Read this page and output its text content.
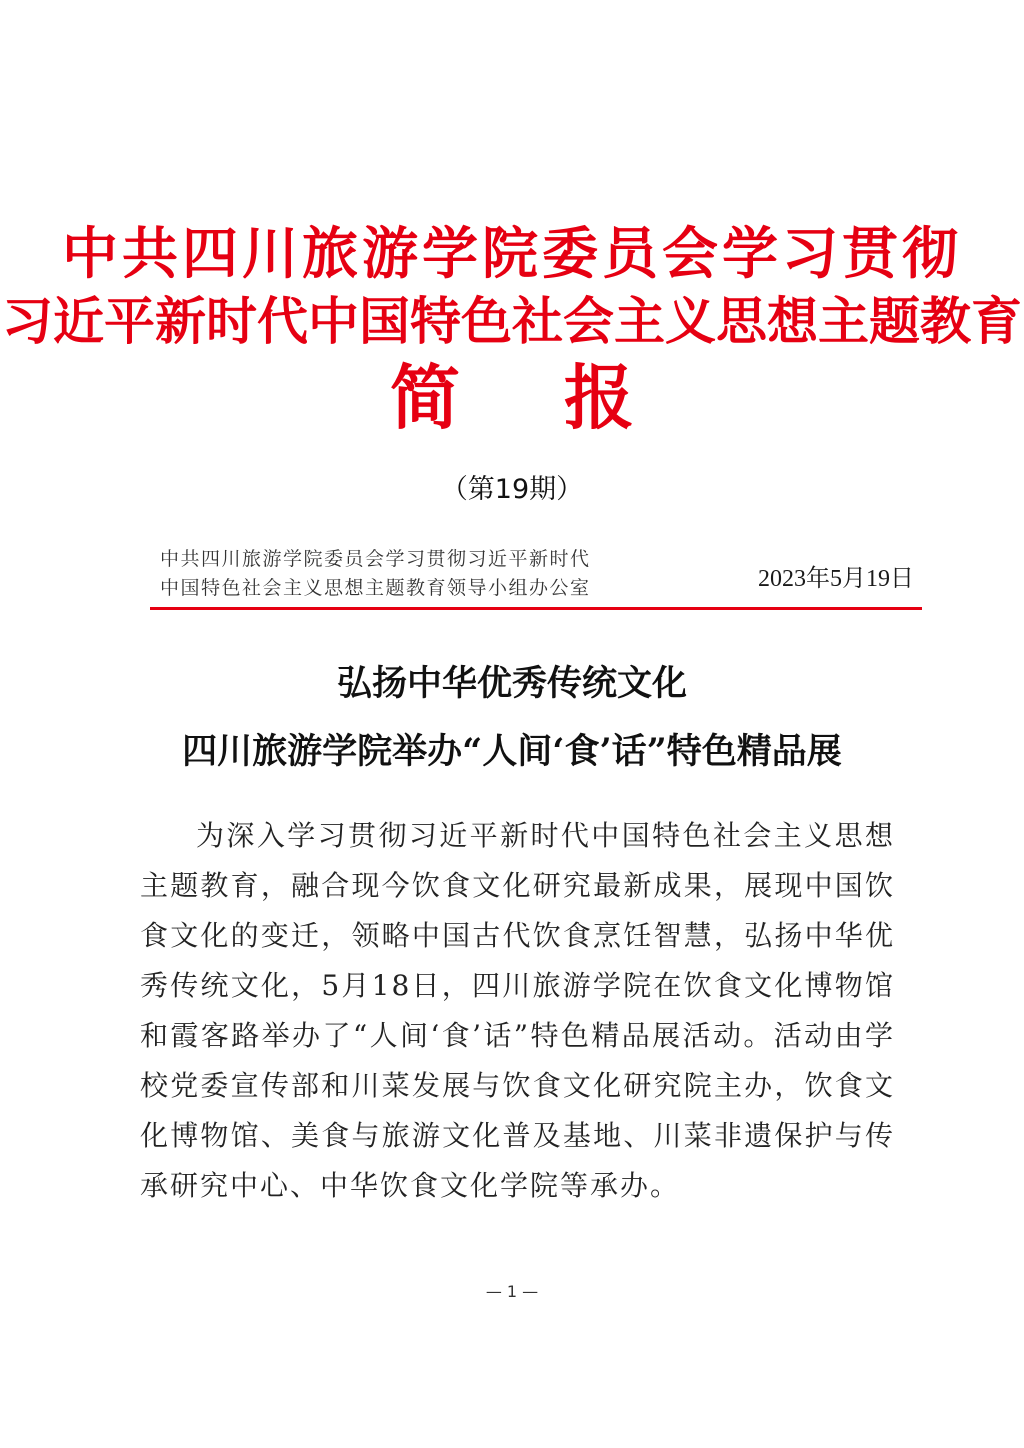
中共四川旅游学院委员会学习贯彻
习近平新时代中国特色社会主义思想主题教育
简报
（第19期）
中共四川旅游学院委员会学习贯彻习近平新时代
中国特色社会主义思想主题教育领导小组办公室	2023年5月19日
弘扬中华优秀传统文化
四川旅游学院举办“人间‘食’话”特色精品展

为深入学习贯彻习近平新时代中国特色社会主义思想主题教育，融合现今饮食文化研究最新成果，展现中国饮食文化的变迁，领略中国古代饮食烹饪智慧，弘扬中华优秀传统文化，5月18日，四川旅游学院在饮食文化博物馆和霞客路举办了“人间‘食’话”特色精品展活动。活动由学校党委宣传部和川菜发展与饮食文化研究院主办，饮食文化博物馆、美食与旅游文化普及基地、川菜非遗保护与传承研究中心、中华饮食文化学院等承办。

— 1 —
